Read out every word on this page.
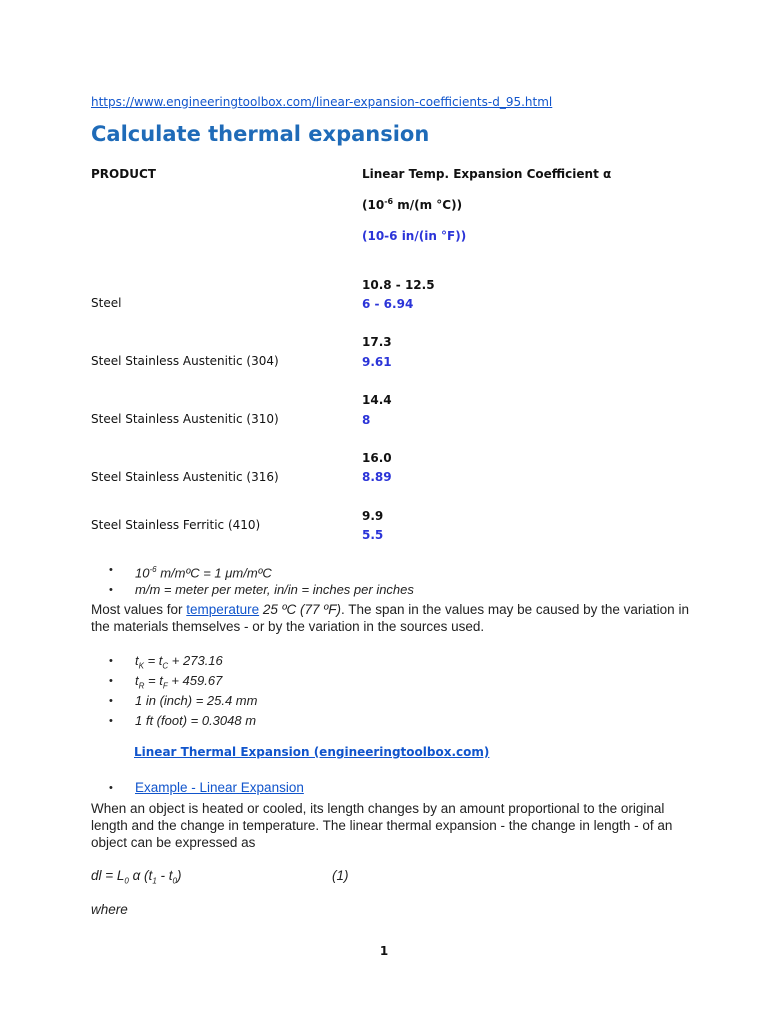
https://www.engineeringtoolbox.com/linear-expansion-coefficients-d_95.html
Calculate thermal expansion
PRODUCT	Linear Temp. Expansion Coefficient α
($10^{-6}$ m/(m °C))
(10-6 in/(in °F))
Steel
10.8 - 12.5
6 - 6.94
Steel Stainless Austenitic (304)
17.3
9.61
Steel Stainless Austenitic (310)
14.4
8
Steel Stainless Austenitic (316)
16.0
8.89
Steel Stainless Ferritic (410)
9.9
5.5
• $10^{-6}$ m/mºC = 1 μm/mºC
• m/m = meter per meter, in/in = inches per inches

Most values for temperature 25 ºC (77 ºF). The span in the values may be caused by the variation in the materials themselves - or by the variation in the sources used.

• $t_K = t_C + 273.16$
• $t_R = t_F + 459.67$
• 1 in (inch) = 25.4 mm
• 1 ft (foot) = 0.3048 m
Linear Thermal Expansion (engineeringtoolbox.com)
• Example - Linear Expansion

When an object is heated or cooled, its length changes by an amount proportional to the original length and the change in temperature. The linear thermal expansion - the change in length - of an object can be expressed as

dl = $L_0$ α $(t_1 - t_0)$	(1)
where
1
